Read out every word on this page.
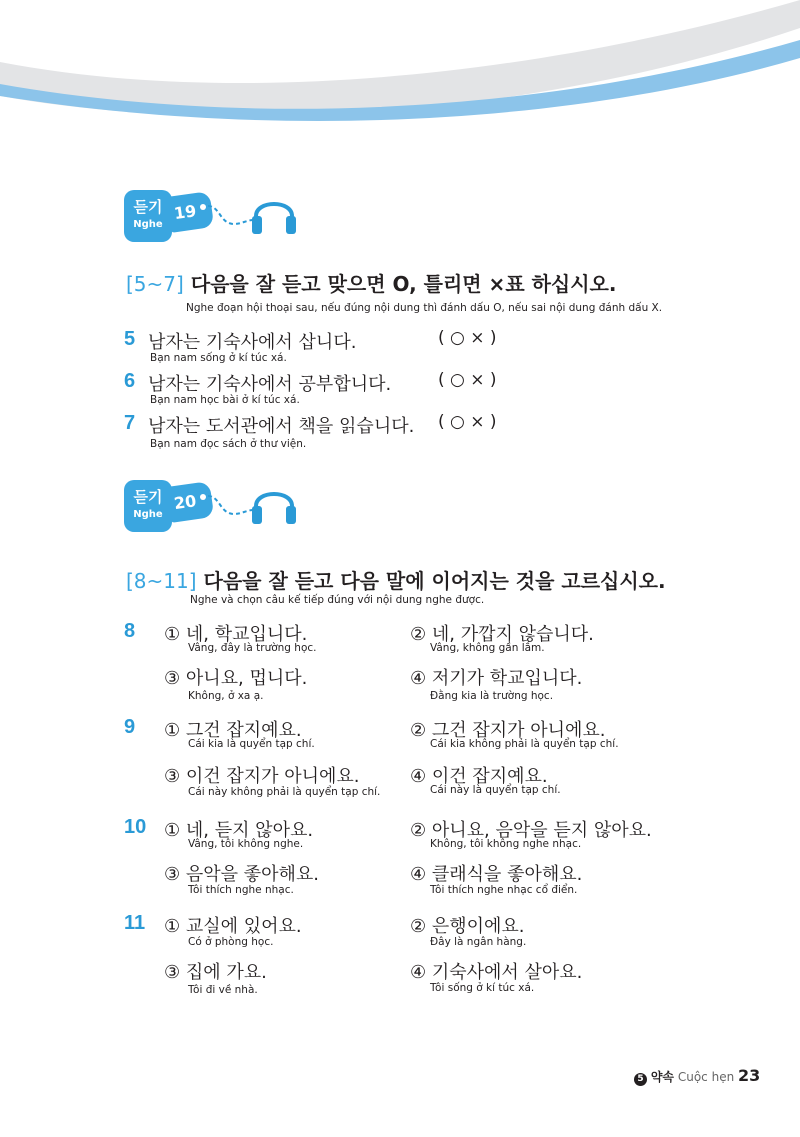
듣기
Nghe
19
[5~7] 다음을 잘 듣고 맞으면 O, 틀리면 ×표 하십시오.
Nghe đoạn hội thoại sau, nếu đúng nội dung thì đánh dấu O, nếu sai nội dung đánh dấu X.
5 남자는 기숙사에서 삽니다.
Bạn nam sống ở kí túc xá.
( ○ × )
6 남자는 기숙사에서 공부합니다.
Bạn nam học bài ở kí túc xá.
( ○ × )
7 남자는 도서관에서 책을 읽습니다.
Bạn nam đọc sách ở thư viện.
( ○ × )
듣기
Nghe
20
[8~11] 다음을 잘 듣고 다음 말에 이어지는 것을 고르십시오.
Nghe và chọn câu kế tiếp đúng với nội dung nghe được.
8 ① 네, 학교입니다.
Vâng, đây là trường học.
② 네, 가깝지 않습니다.
Vâng, không gần lắm.
③ 아니요, 멉니다.
Không, ở xa ạ.
④ 저기가 학교입니다.
Đằng kia là trường học.
9 ① 그건 잡지예요.
Cái kia là quyển tạp chí.
② 그건 잡지가 아니에요.
Cái kia không phải là quyển tạp chí.
③ 이건 잡지가 아니에요.
Cái này không phải là quyển tạp chí.
④ 이건 잡지예요.
Cái này là quyển tạp chí.
10 ① 네, 듣지 않아요.
Vâng, tôi không nghe.
② 아니요, 음악을 듣지 않아요.
Không, tôi không nghe nhạc.
③ 음악을 좋아해요.
Tôi thích nghe nhạc.
④ 클래식을 좋아해요.
Tôi thích nghe nhạc cổ điển.
11 ① 교실에 있어요.
Có ở phòng học.
② 은행이에요.
Đây là ngân hàng.
③ 집에 가요.
Tôi đi về nhà.
④ 기숙사에서 살아요.
Tôi sống ở kí túc xá.
5 약속 Cuộc hẹn 23
